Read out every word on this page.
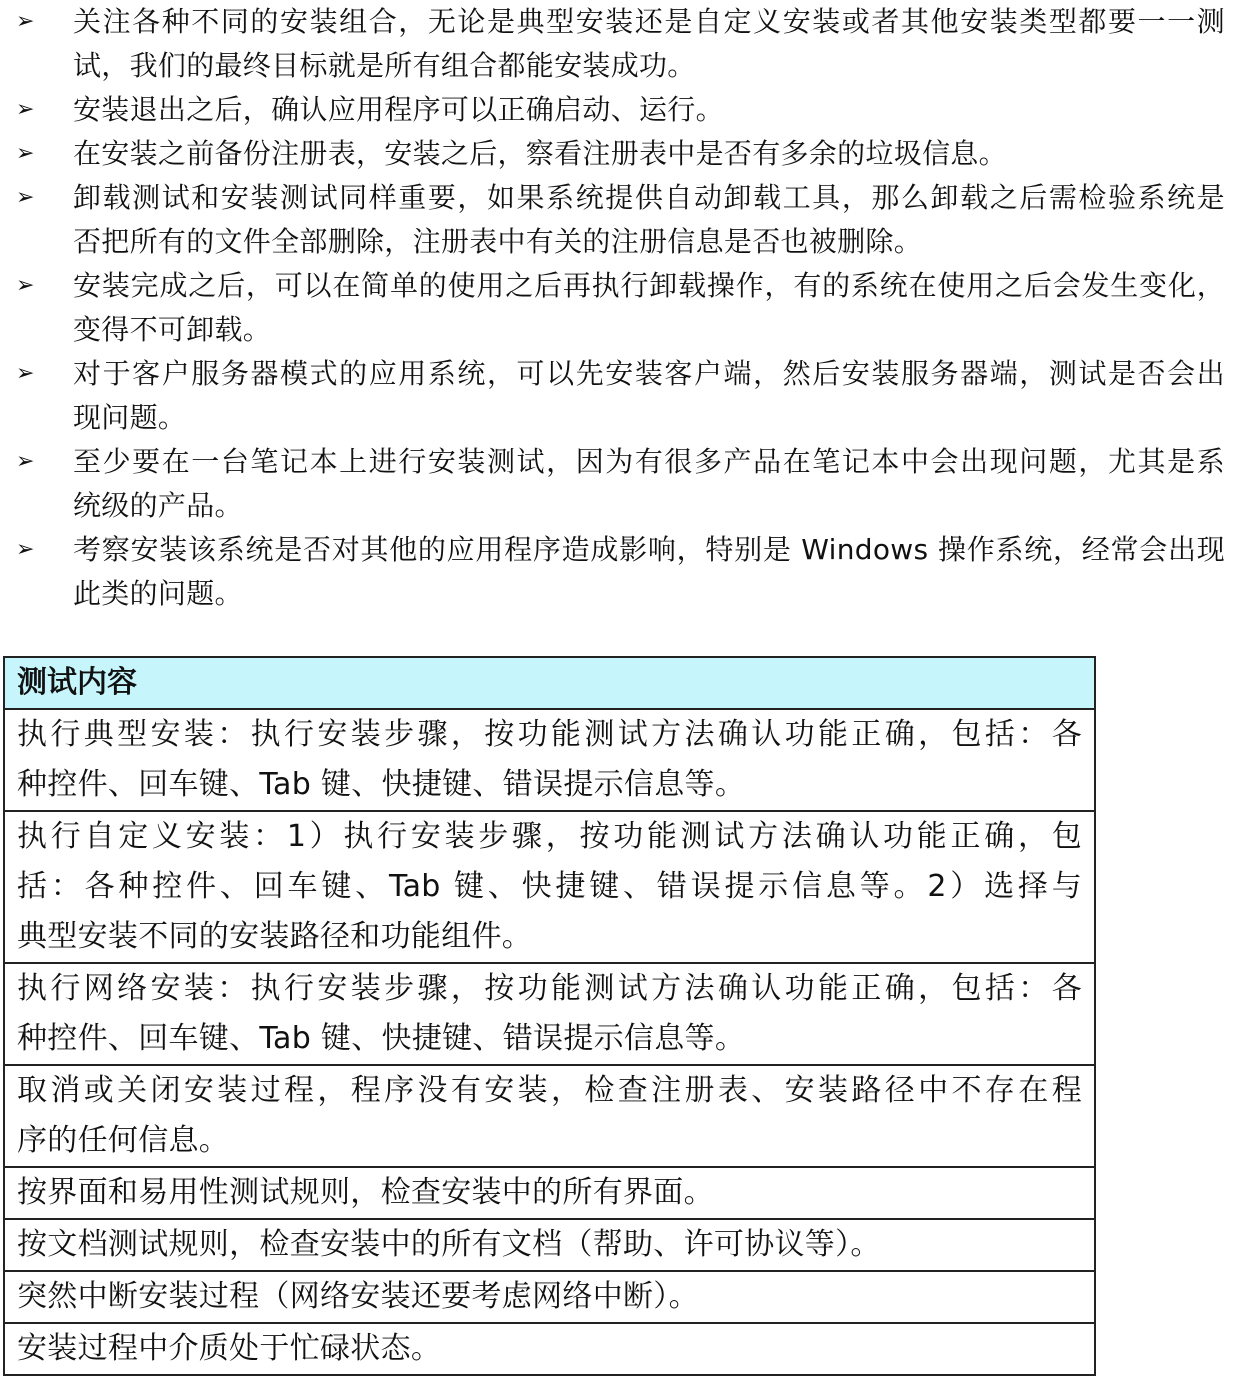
➢ 关注各种不同的安装组合，无论是典型安装还是自定义安装或者其他安装类型都要一一测
试，我们的最终目标就是所有组合都能安装成功。
➢ 安装退出之后，确认应用程序可以正确启动、运行。
➢ 在安装之前备份注册表，安装之后，察看注册表中是否有多余的垃圾信息。
➢ 卸载测试和安装测试同样重要，如果系统提供自动卸载工具，那么卸载之后需检验系统是
否把所有的文件全部删除，注册表中有关的注册信息是否也被删除。
➢ 安装完成之后，可以在简单的使用之后再执行卸载操作，有的系统在使用之后会发生变化，
变得不可卸载。
➢ 对于客户服务器模式的应用系统，可以先安装客户端，然后安装服务器端，测试是否会出
现问题。
➢ 至少要在一台笔记本上进行安装测试，因为有很多产品在笔记本中会出现问题，尤其是系
统级的产品。
➢ 考察安装该系统是否对其他的应用程序造成影响，特别是 Windows 操作系统，经常会出现
此类的问题。
测试内容

执行典型安装：执行安装步骤，按功能测试方法确认功能正确，包括：各
种控件、回车键、Tab 键、快捷键、错误提示信息等。

执行自定义安装：1）执行安装步骤，按功能测试方法确认功能正确，包
括：各种控件、回车键、Tab 键、快捷键、错误提示信息等。2）选择与
典型安装不同的安装路径和功能组件。

执行网络安装：执行安装步骤，按功能测试方法确认功能正确，包括：各
种控件、回车键、Tab 键、快捷键、错误提示信息等。

取消或关闭安装过程，程序没有安装，检查注册表、安装路径中不存在程
序的任何信息。

按界面和易用性测试规则，检查安装中的所有界面。

按文档测试规则，检查安装中的所有文档（帮助、许可协议等）。

突然中断安装过程（网络安装还要考虑网络中断）。

安装过程中介质处于忙碌状态。
